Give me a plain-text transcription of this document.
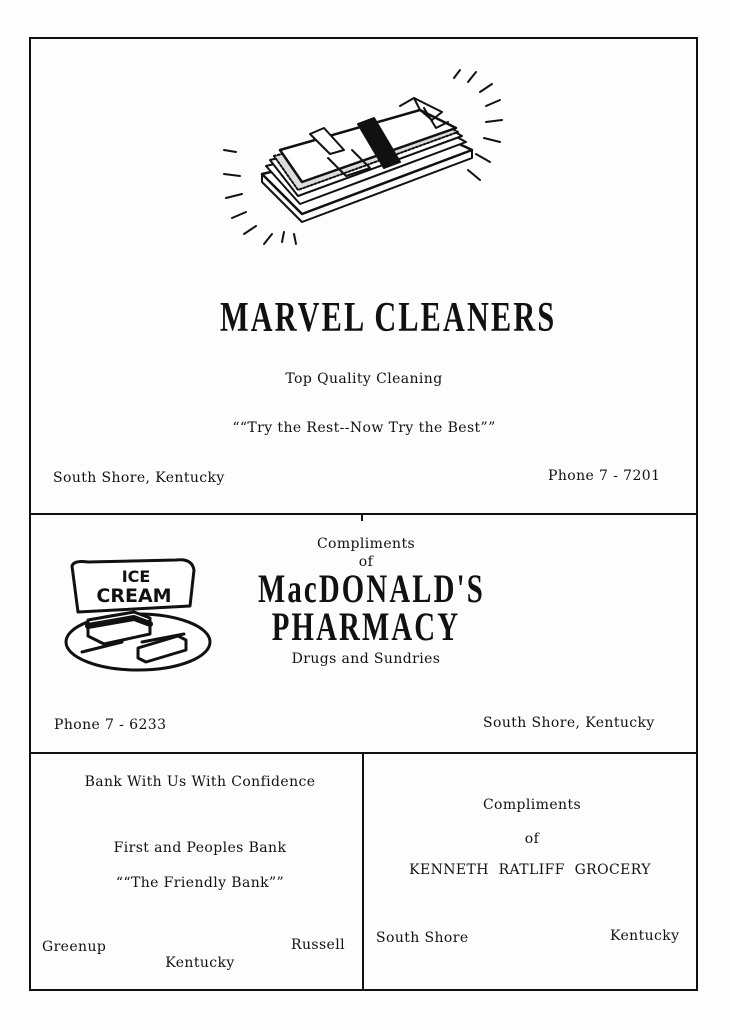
MARVEL CLEANERS
Top Quality Cleaning
““Try the Rest--Now Try the Best””
South Shore, Kentucky	Phone 7 - 7201
ICE
CREAM
Compliments
of
MacDONALD'S
PHARMACY
Drugs and Sundries
Phone 7 - 6233	South Shore, Kentucky
Bank With Us With Confidence
First and Peoples Bank
““The Friendly Bank””
Greenup	Russell
Kentucky
Compliments
of
KENNETH  RATLIFF  GROCERY
South Shore	Kentucky
